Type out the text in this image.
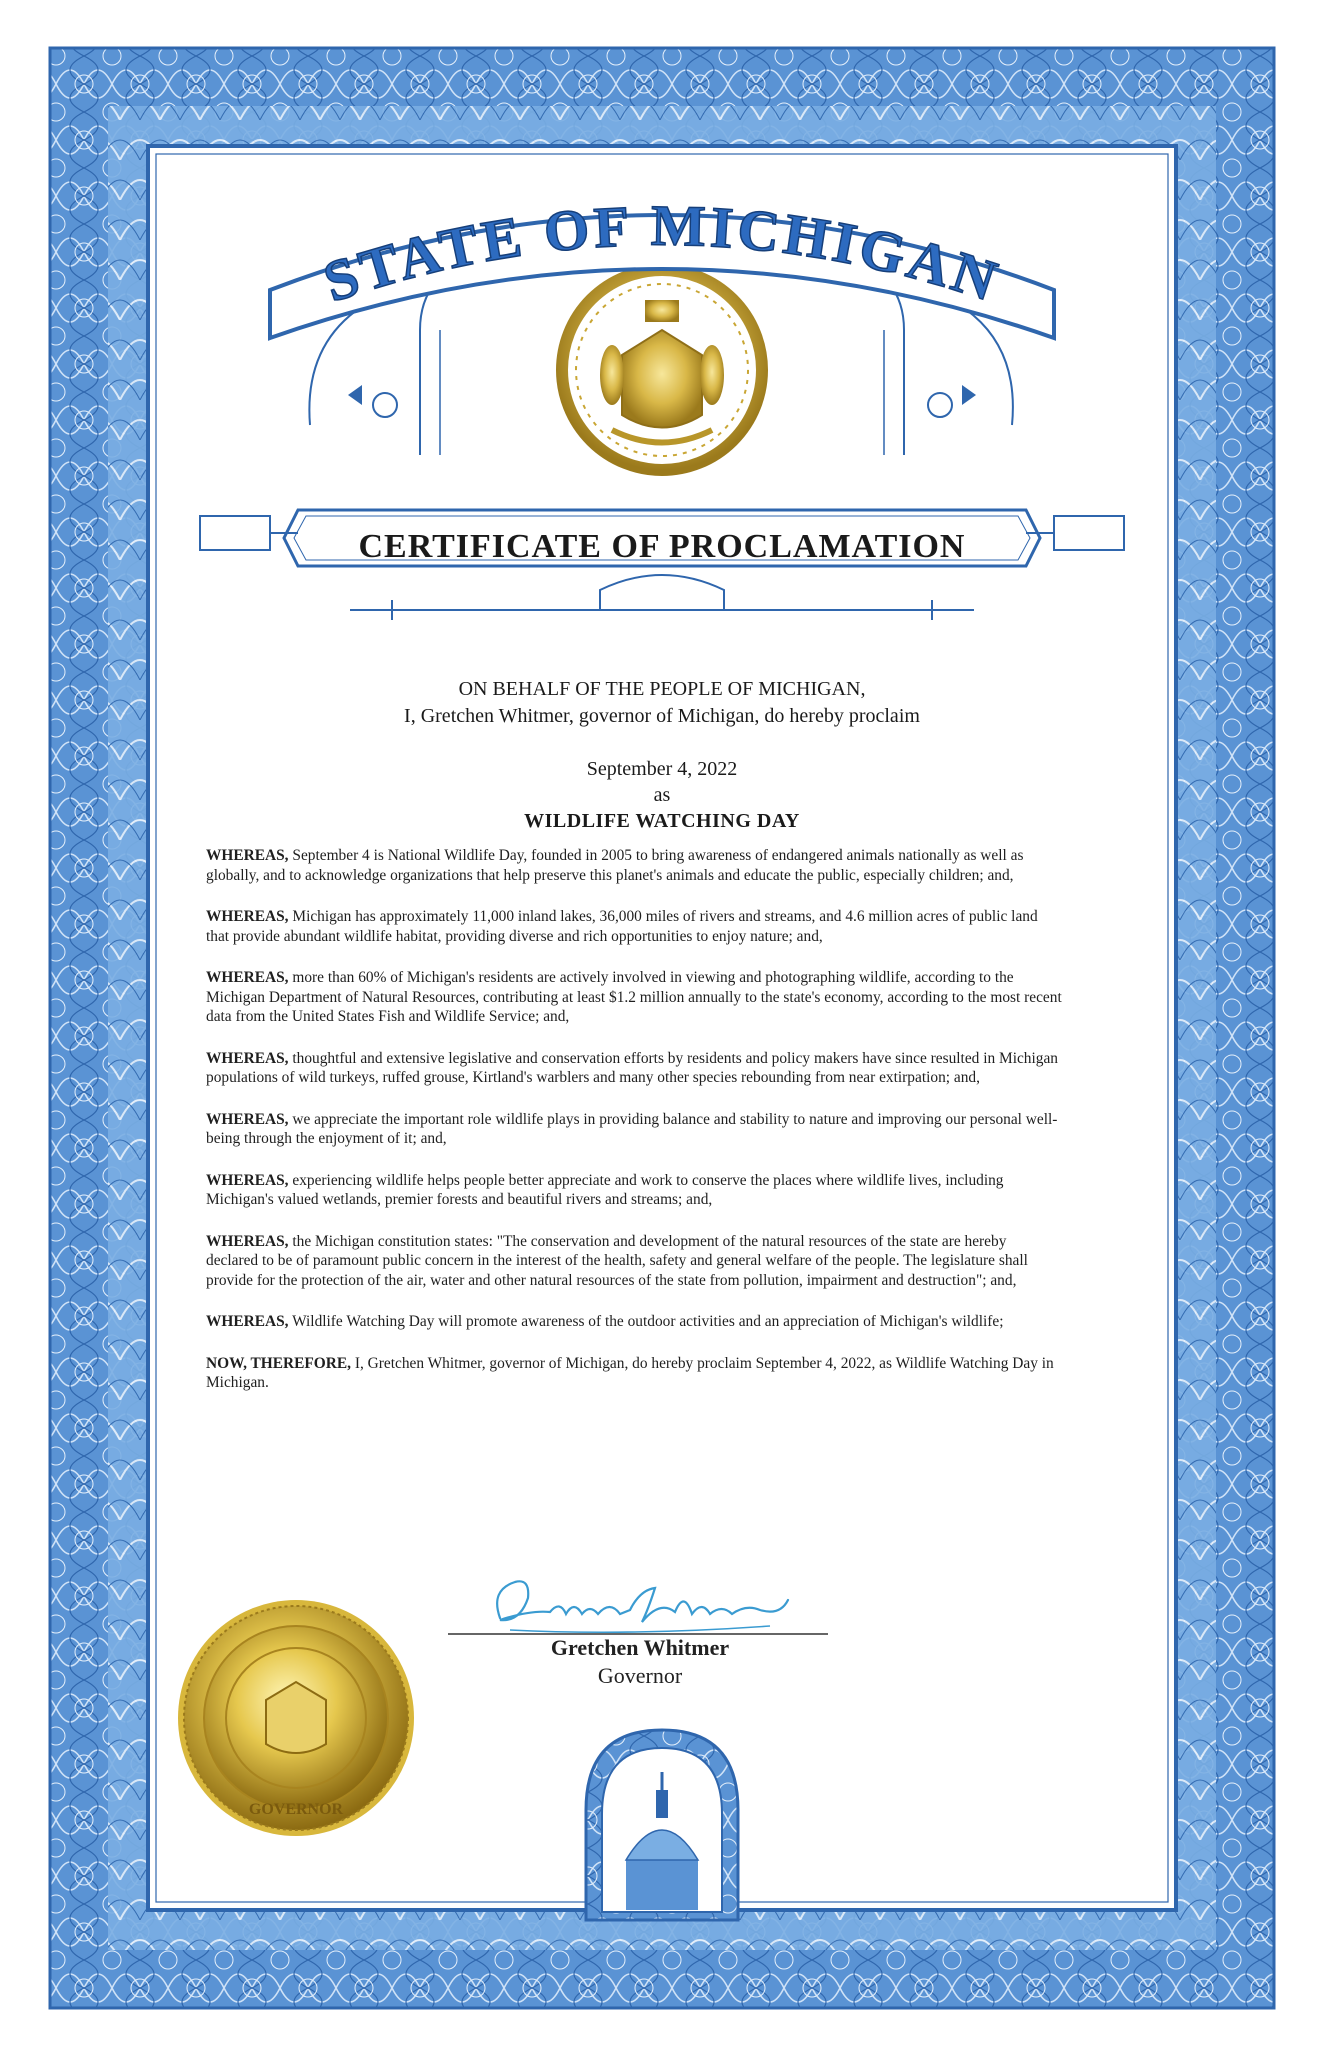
STATE OF MICHIGAN
GOVERNOR
ON BEHALF OF THE PEOPLE OF MICHIGAN,
I, Gretchen Whitmer, governor of Michigan, do hereby proclaim
CERTIFICATE OF PROCLAMATION
September 4, 2022
as
WILDLIFE WATCHING DAY

WHEREAS, September 4 is National Wildlife Day, founded in 2005 to bring awareness of endangered animals nationally as well as globally, and to acknowledge organizations that help preserve this planet's animals and educate the public, especially children; and,

WHEREAS, Michigan has approximately 11,000 inland lakes, 36,000 miles of rivers and streams, and 4.6 million acres of public land that provide abundant wildlife habitat, providing diverse and rich opportunities to enjoy nature; and,

WHEREAS, more than 60% of Michigan's residents are actively involved in viewing and photographing wildlife, according to the Michigan Department of Natural Resources, contributing at least $1.2 million annually to the state's economy, according to the most recent data from the United States Fish and Wildlife Service; and,

WHEREAS, thoughtful and extensive legislative and conservation efforts by residents and policy makers have since resulted in Michigan populations of wild turkeys, ruffed grouse, Kirtland's warblers and many other species rebounding from near extirpation; and,

WHEREAS, we appreciate the important role wildlife plays in providing balance and stability to nature and improving our personal well-being through the enjoyment of it; and,

WHEREAS, experiencing wildlife helps people better appreciate and work to conserve the places where wildlife lives, including Michigan's valued wetlands, premier forests and beautiful rivers and streams; and,

WHEREAS, the Michigan constitution states: "The conservation and development of the natural resources of the state are hereby declared to be of paramount public concern in the interest of the health, safety and general welfare of the people. The legislature shall provide for the protection of the air, water and other natural resources of the state from pollution, impairment and destruction"; and,

WHEREAS, Wildlife Watching Day will promote awareness of the outdoor activities and an appreciation of Michigan's wildlife;

NOW, THEREFORE, I, Gretchen Whitmer, governor of Michigan, do hereby proclaim September 4, 2022, as Wildlife Watching Day in Michigan.

Gretchen Whitmer
Governor
